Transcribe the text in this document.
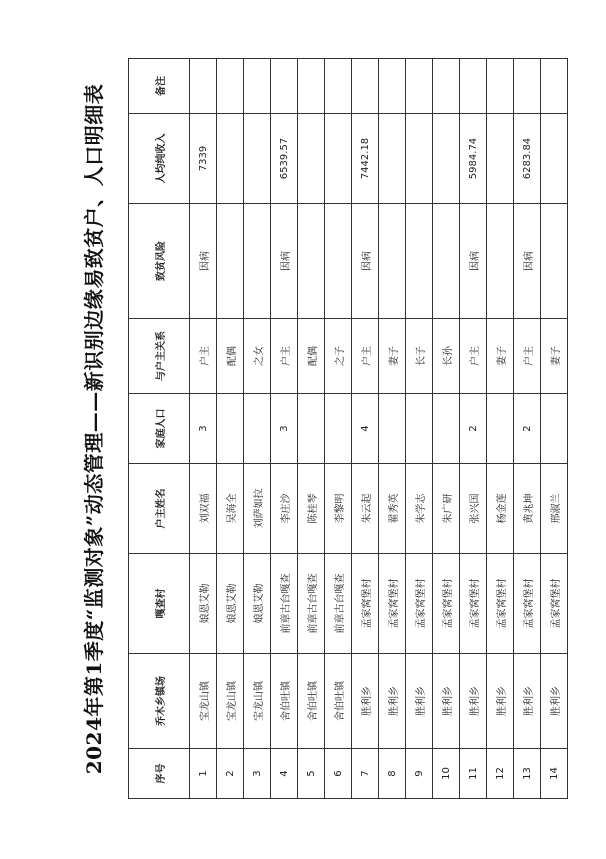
2024年第1季度“监测对象”动态管理——新识别边缘易致贫户、人口明细表	序号	乔木乡镇场	嘎查村	户主姓名	家庭人口	与户主关系	致贫风险	人均纯收入	备注
1	宝龙山镇	娘恩艾勒	刘双福	3	户主	因病	7339	
2	宝龙山镇	娘恩艾勒	吴海全		配偶			
3	宝龙山镇	娘恩艾勒	刘萨如拉		之女			
4	舍伯吐镇	前章古台嘎查	李庄沙	3	户主	因病	6539.57	
5	舍伯吐镇	前章古台嘎查	陈桂琴		配偶			
6	舍伯吐镇	前章古台嘎查	李黎明		之子			
7	胜利乡	孟家窝堡村	朱云起	4	户主	因病	7442.18	
8	胜利乡	孟家窝堡村	翟秀英		妻子			
9	胜利乡	孟家窝堡村	朱学志		长子			
10	胜利乡	孟家窝堡村	朱广研		长孙			
11	胜利乡	孟家窝堡村	张兴国	2	户主	因病	5984.74	
12	胜利乡	孟家窝堡村	杨金莲		妻子			
13	胜利乡	孟家窝堡村	黄兆坤	2	户主	因病	6283.84	
14	胜利乡	孟家窝堡村	邢淑兰		妻子			
